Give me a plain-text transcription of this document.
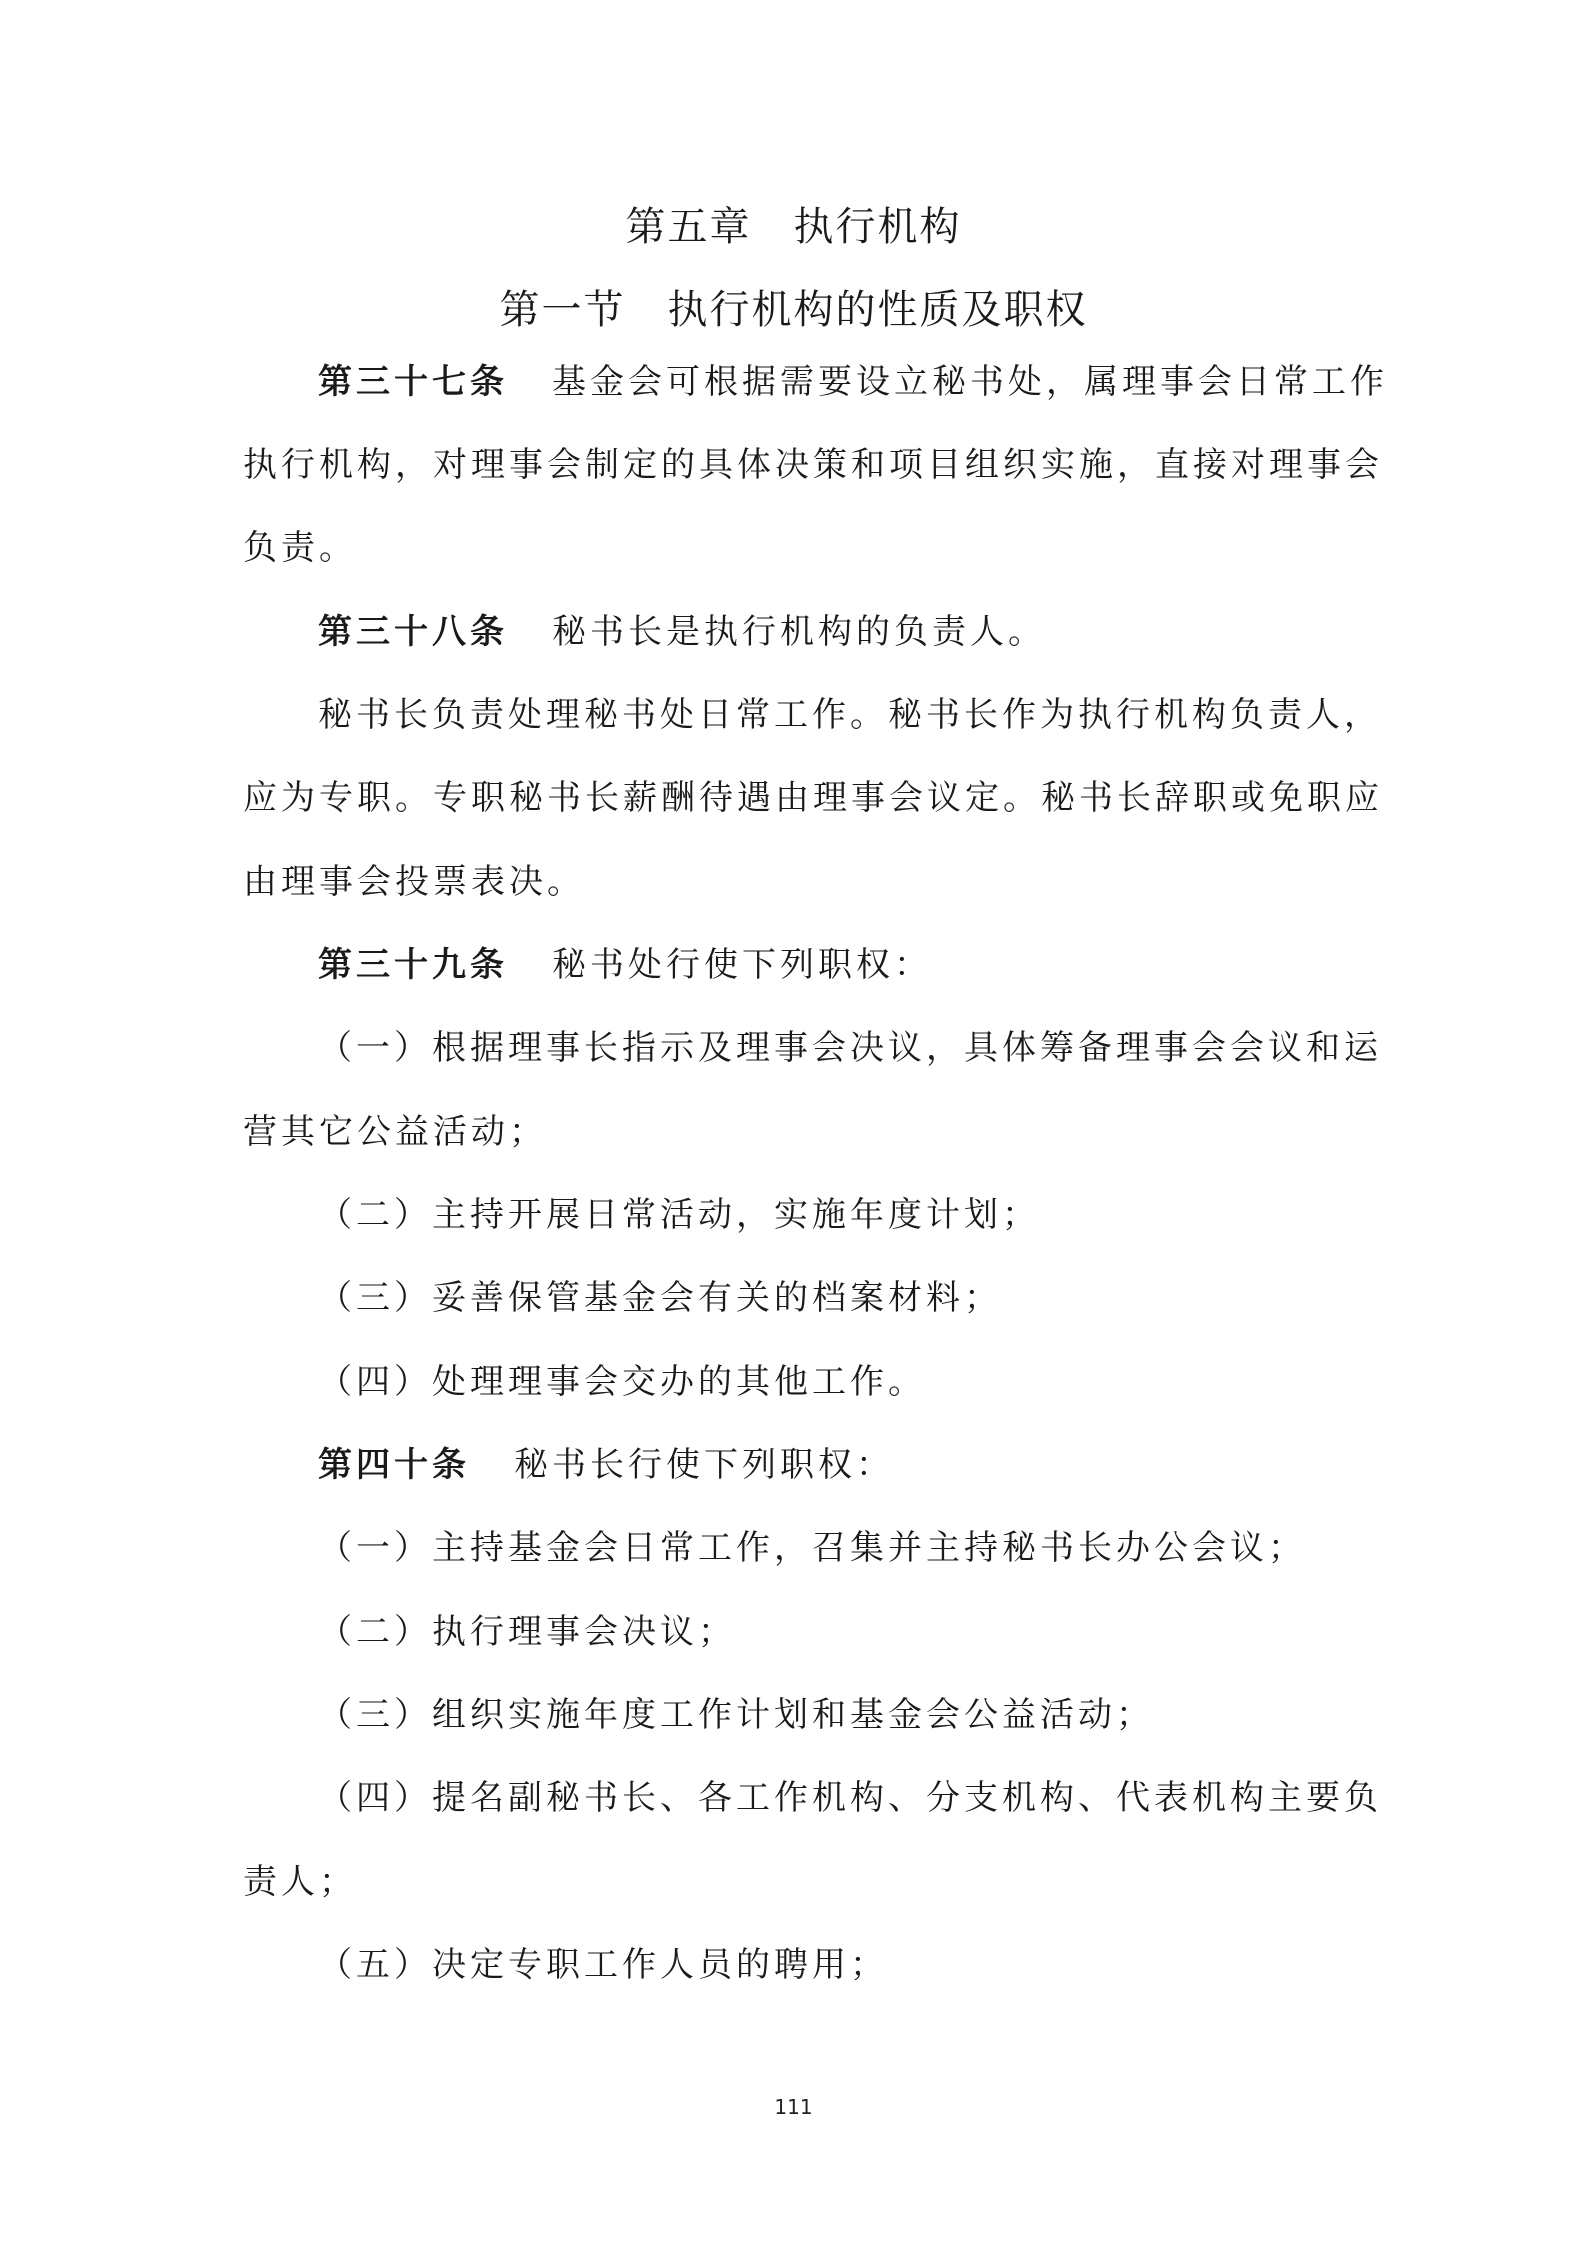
第五章　执行机构
第一节　执行机构的性质及职权
第三十七条 基金会可根据需要设立秘书处，属理事会日常工作
执行机构，对理事会制定的具体决策和项目组织实施，直接对理事会
负责。
第三十八条 秘书长是执行机构的负责人。
秘书长负责处理秘书处日常工作。秘书长作为执行机构负责人，
应为专职。专职秘书长薪酬待遇由理事会议定。秘书长辞职或免职应
由理事会投票表决。
第三十九条 秘书处行使下列职权：
（一）根据理事长指示及理事会决议，具体筹备理事会会议和运
营其它公益活动；
（二）主持开展日常活动，实施年度计划；
（三）妥善保管基金会有关的档案材料；
（四）处理理事会交办的其他工作。
第四十条 秘书长行使下列职权：
（一）主持基金会日常工作，召集并主持秘书长办公会议；
（二）执行理事会决议；
（三）组织实施年度工作计划和基金会公益活动；
（四）提名副秘书长、各工作机构、分支机构、代表机构主要负
责人；
（五）决定专职工作人员的聘用；
111
